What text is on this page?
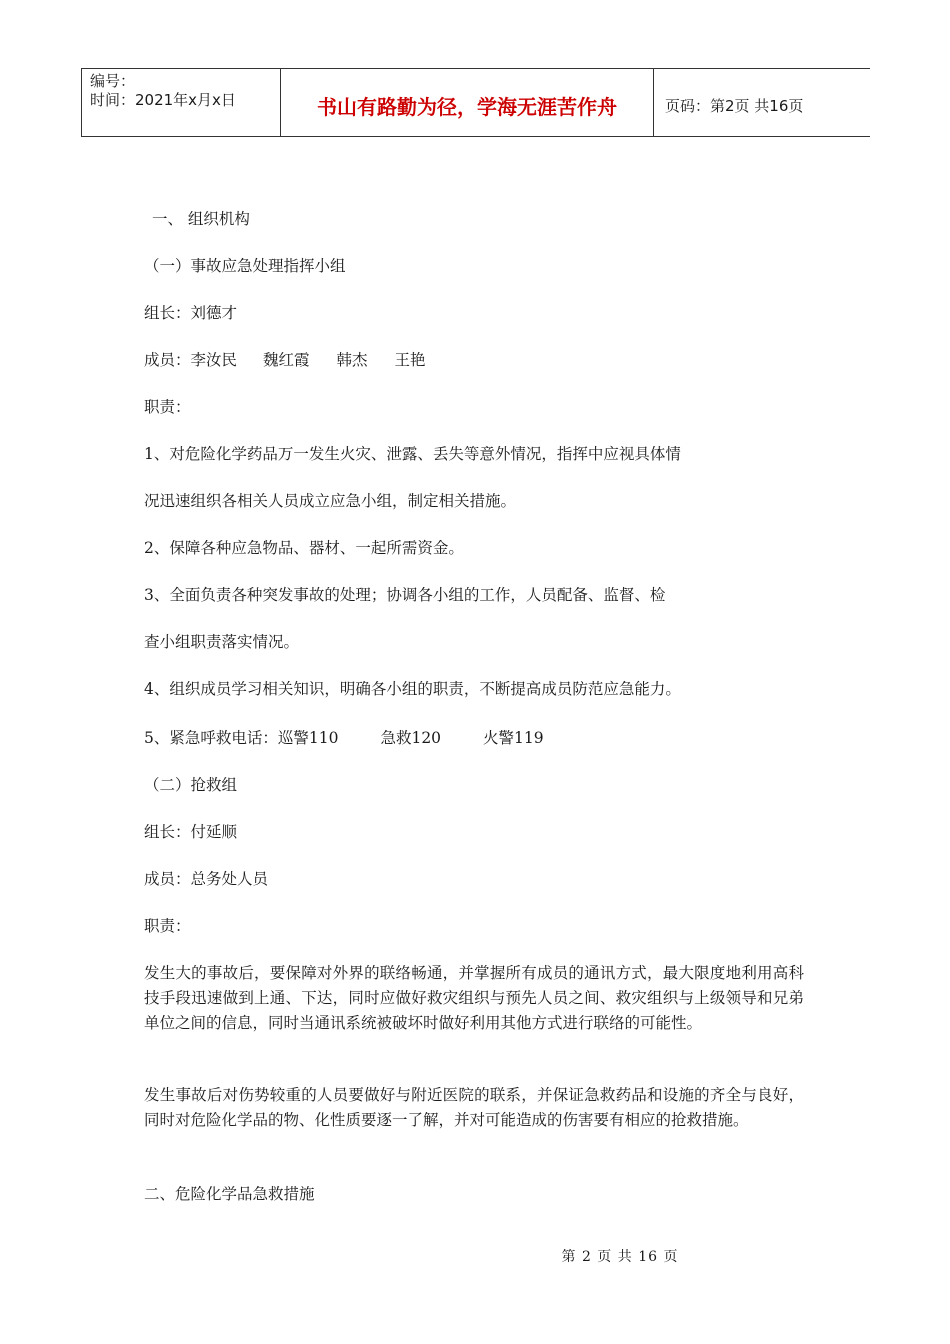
编号：
时间：2021年x月x日	书山有路勤为径，学海无涯苦作舟	页码：第2页 共16页
一、 组织机构
（一）事故应急处理指挥小组
组长：刘德才
成员：李汝民 魏红霞 韩杰 王艳
职责：
1、对危险化学药品万一发生火灾、泄露、丢失等意外情况，指挥中应视具体情
况迅速组织各相关人员成立应急小组，制定相关措施。
2、保障各种应急物品、器材、一起所需资金。
3、全面负责各种突发事故的处理；协调各小组的工作，人员配备、监督、检
查小组职责落实情况。
4、组织成员学习相关知识，明确各小组的职责，不断提高成员防范应急能力。
5、紧急呼救电话：巡警110	急救120	火警119
（二）抢救组
组长：付延顺
成员：总务处人员
职责：
发生大的事故后，要保障对外界的联络畅通，并掌握所有成员的通讯方式，最大限度地利用高科技手段迅速做到上通、下达，同时应做好救灾组织与预先人员之间、救灾组织与上级领导和兄弟单位之间的信息，同时当通讯系统被破坏时做好利用其他方式进行联络的可能性。
发生事故后对伤势较重的人员要做好与附近医院的联系，并保证急救药品和设施的齐全与良好，同时对危险化学品的物、化性质要逐一了解，并对可能造成的伤害要有相应的抢救措施。
二、危险化学品急救措施
第 2 页 共 16 页
